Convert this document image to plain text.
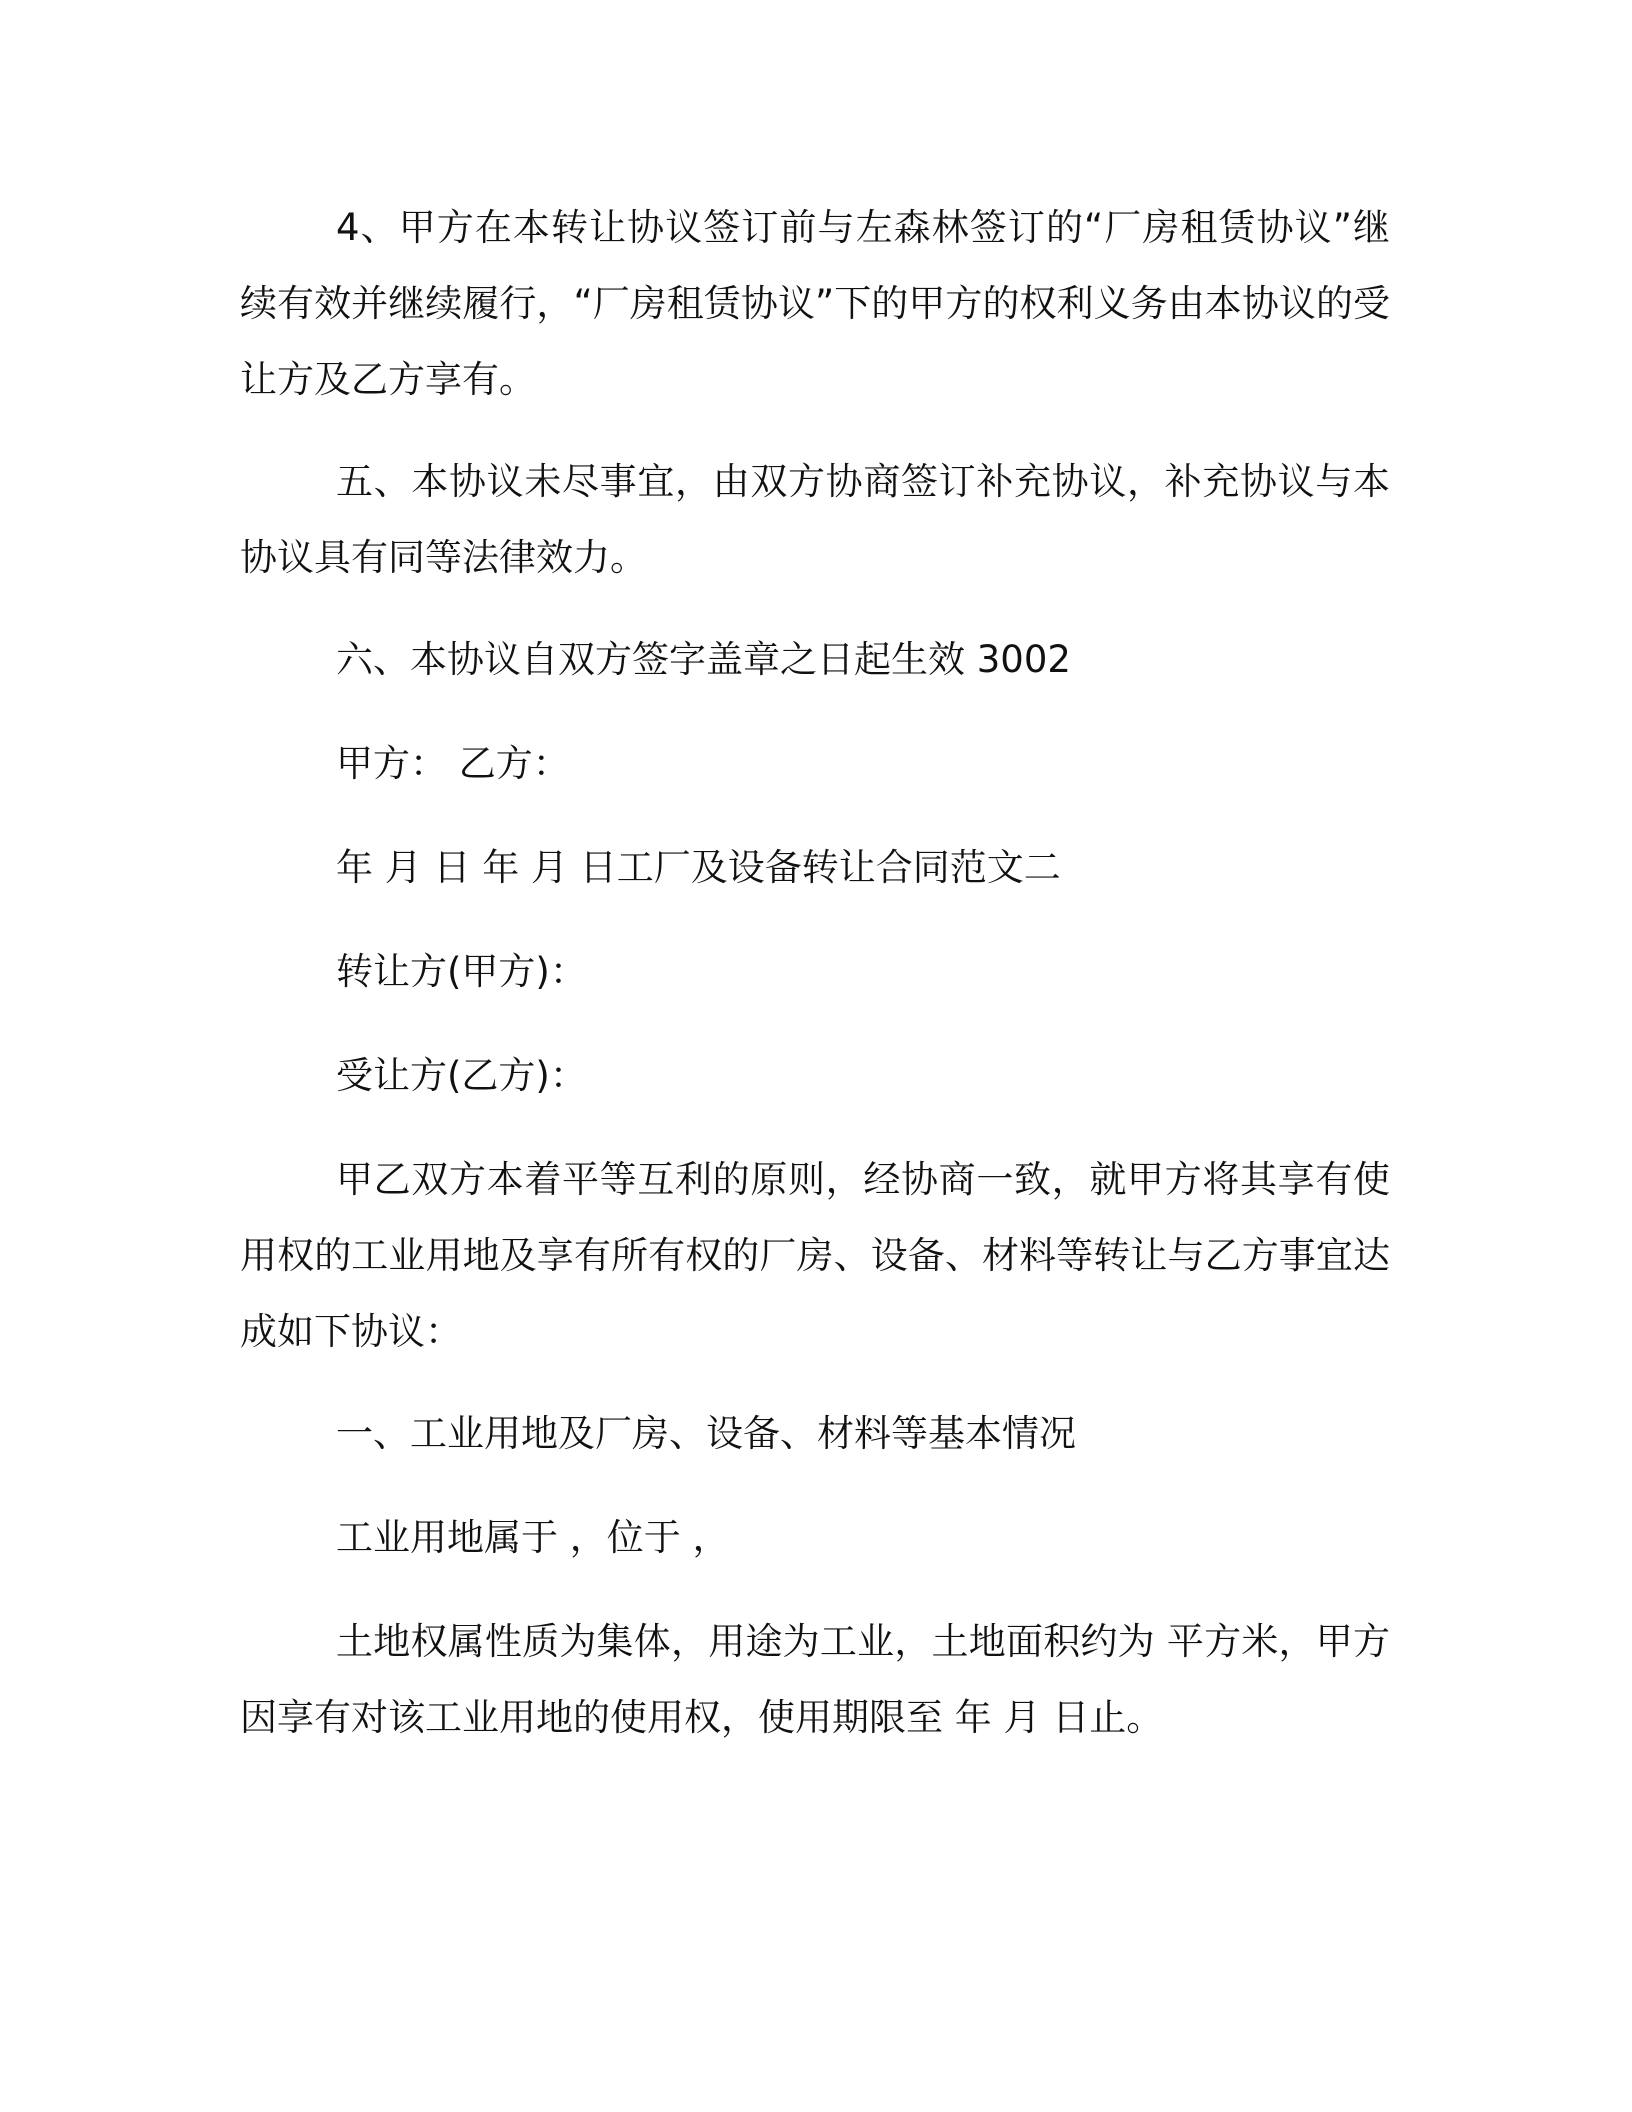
4、甲方在本转让协议签订前与左森林签订的“厂房租赁协议”继续有效并继续履行，“厂房租赁协议”下的甲方的权利义务由本协议的受让方及乙方享有。

五、本协议未尽事宜，由双方协商签订补充协议，补充协议与本协议具有同等法律效力。

六、本协议自双方签字盖章之日起生效 3002

甲方： 乙方：

年 月 日 年 月 日工厂及设备转让合同范文二

转让方(甲方)：

受让方(乙方)：

甲乙双方本着平等互利的原则，经协商一致，就甲方将其享有使用权的工业用地及享有所有权的厂房、设备、材料等转让与乙方事宜达成如下协议：

一、工业用地及厂房、设备、材料等基本情况

工业用地属于 ，位于 ，

土地权属性质为集体，用途为工业，土地面积约为 平方米，甲方因享有对该工业用地的使用权，使用期限至 年 月 日止。
